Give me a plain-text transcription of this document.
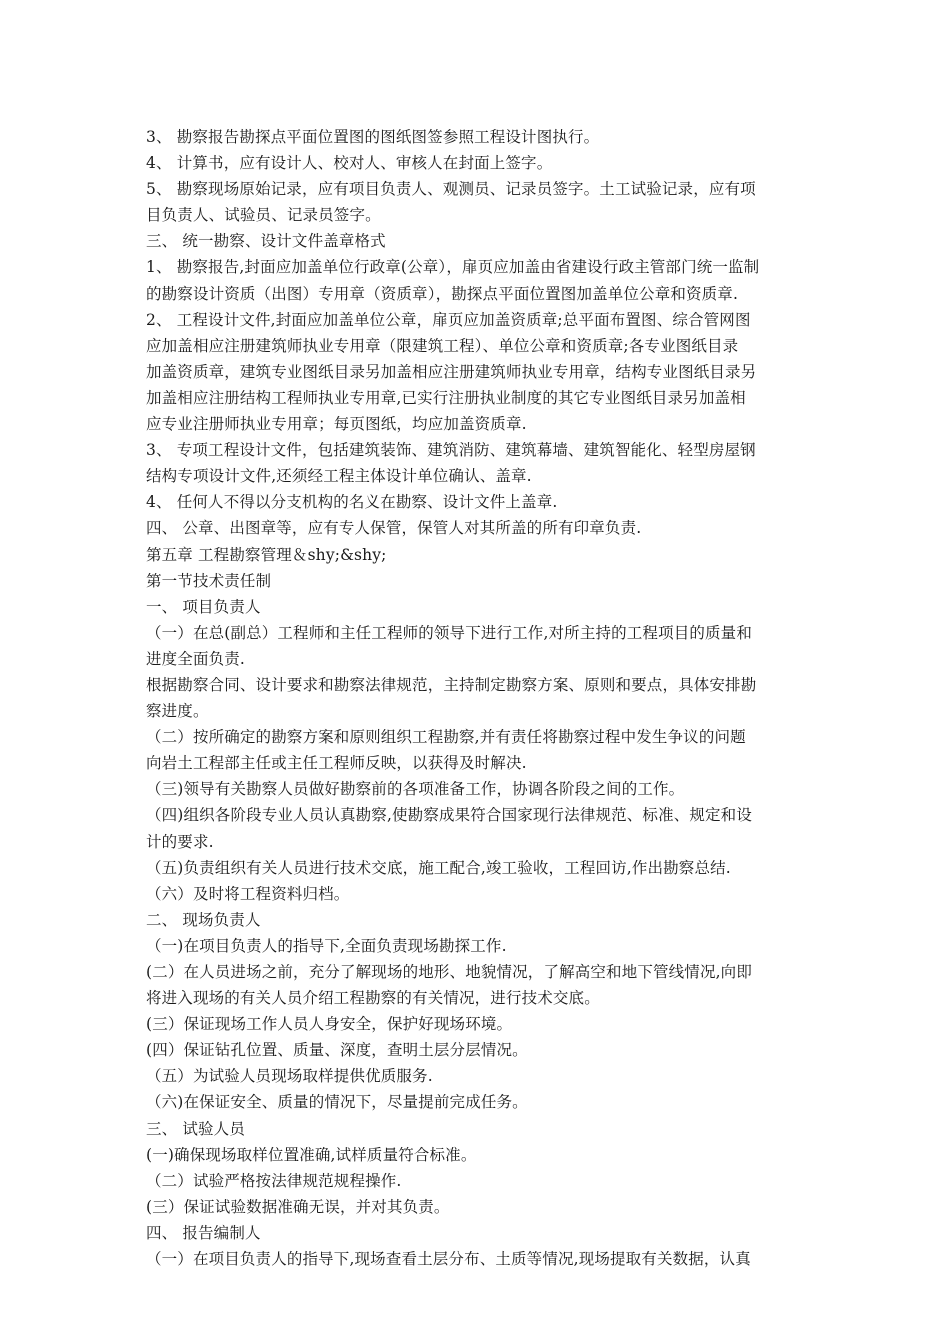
3、 勘察报告勘探点平面位置图的图纸图签参照工程设计图执行。
4、 计算书，应有设计人、校对人、审核人在封面上签字。
5、 勘察现场原始记录，应有项目负责人、观测员、记录员签字。土工试验记录，应有项
目负责人、试验员、记录员签字。
三、 统一勘察、设计文件盖章格式
1、 勘察报告,封面应加盖单位行政章(公章），扉页应加盖由省建设行政主管部门统一监制
的勘察设计资质（出图）专用章（资质章），勘探点平面位置图加盖单位公章和资质章.
2、 工程设计文件,封面应加盖单位公章，扉页应加盖资质章;总平面布置图、综合管网图
应加盖相应注册建筑师执业专用章（限建筑工程）、单位公章和资质章;各专业图纸目录
加盖资质章，建筑专业图纸目录另加盖相应注册建筑师执业专用章，结构专业图纸目录另
加盖相应注册结构工程师执业专用章,已实行注册执业制度的其它专业图纸目录另加盖相
应专业注册师执业专用章；每页图纸，均应加盖资质章.
3、 专项工程设计文件，包括建筑装饰、建筑消防、建筑幕墙、建筑智能化、轻型房屋钢
结构专项设计文件,还须经工程主体设计单位确认、盖章.
4、 任何人不得以分支机构的名义在勘察、设计文件上盖章.
四、 公章、出图章等，应有专人保管，保管人对其所盖的所有印章负责.
第五章 工程勘察管理＆shy;&shy;
第一节技术责任制
一、 项目负责人
（一）在总(副总）工程师和主任工程师的领导下进行工作,对所主持的工程项目的质量和
进度全面负责.
根据勘察合同、设计要求和勘察法律规范，主持制定勘察方案、原则和要点，具体安排勘
察进度。
（二）按所确定的勘察方案和原则组织工程勘察,并有责任将勘察过程中发生争议的问题
向岩土工程部主任或主任工程师反映，以获得及时解决.
（三)领导有关勘察人员做好勘察前的各项准备工作，协调各阶段之间的工作。
（四)组织各阶段专业人员认真勘察,使勘察成果符合国家现行法律规范、标准、规定和设
计的要求.
（五)负责组织有关人员进行技术交底，施工配合,竣工验收，工程回访,作出勘察总结.
（六）及时将工程资料归档。
二、 现场负责人
（一)在项目负责人的指导下,全面负责现场勘探工作.
(二）在人员进场之前，充分了解现场的地形、地貌情况，了解高空和地下管线情况,向即
将进入现场的有关人员介绍工程勘察的有关情况，进行技术交底。
(三）保证现场工作人员人身安全，保护好现场环境。
(四）保证钻孔位置、质量、深度，查明土层分层情况。
（五）为试验人员现场取样提供优质服务.
（六)在保证安全、质量的情况下，尽量提前完成任务。
三、 试验人员
(一)确保现场取样位置准确,试样质量符合标准。
（二）试验严格按法律规范规程操作.
(三）保证试验数据准确无误，并对其负责。
四、 报告编制人
（一）在项目负责人的指导下,现场查看土层分布、土质等情况,现场提取有关数据，认真
